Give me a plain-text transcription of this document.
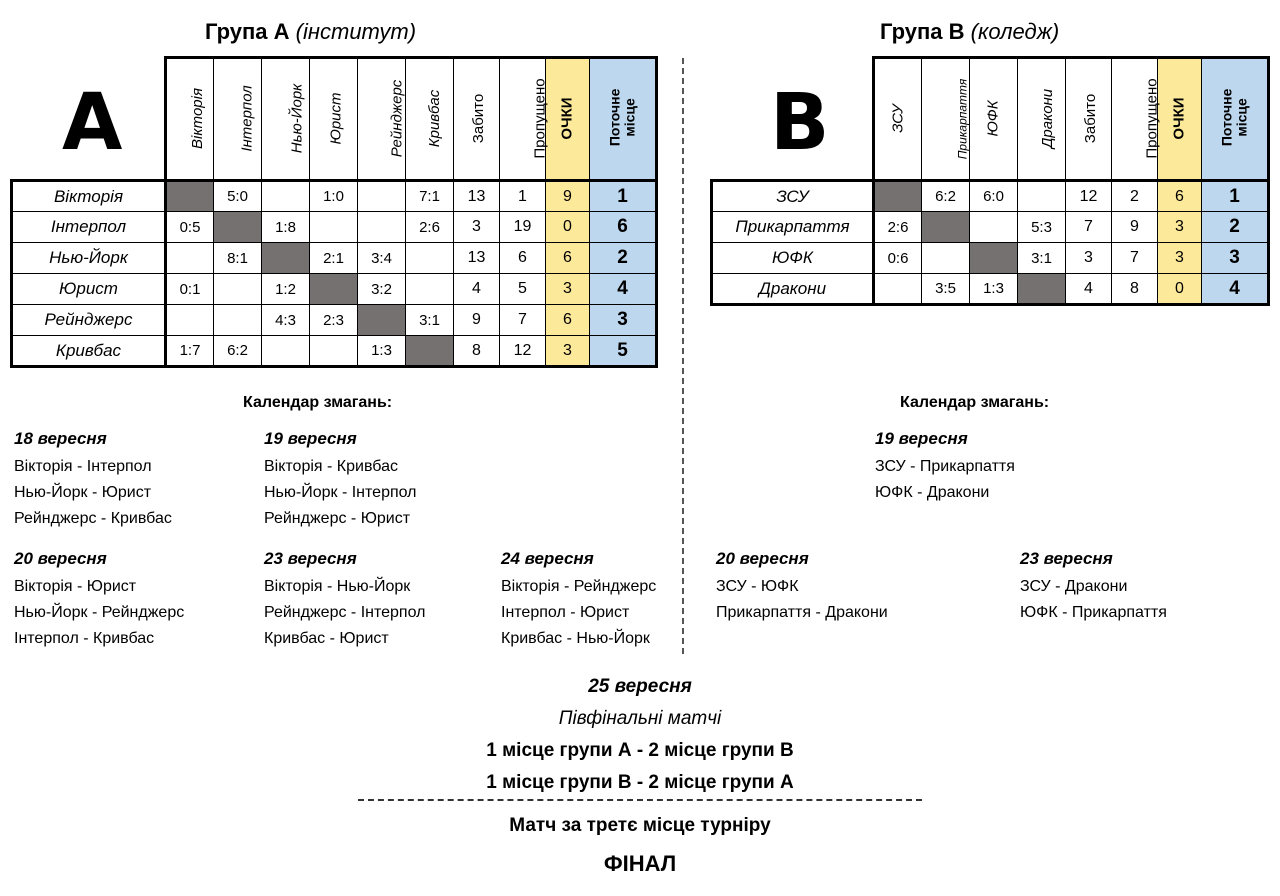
Група А (інститут)
A
		Вікторія	Інтерпол	Нью-Йорк	Юрист	Рейнджерс	Кривбас	Забито	Пропущено	ОЧКИ	Поточне місце

Вікторія		5:0		1:0		7:1	13	1	9	1
Інтерпол	0:5		1:8			2:6	3	19	0	6
Нью-Йорк		8:1		2:1	3:4		13	6	6	2
Юрист	0:1		1:2		3:2		4	5	3	4
Рейнджерс			4:3	2:3		3:1	9	7	6	3
Кривбас	1:7	6:2			1:3		8	12	3	5
Група В (коледж)
B
		ЗСУ	Прикарпаття	ЮФК	Дракони	Забито	Пропущено	ОЧКИ	Поточне місце

ЗСУ		6:2	6:0		12	2	6	1
Прикарпаття	2:6			5:3	7	9	3	2
ЮФК	0:6			3:1	3	7	3	3
Дракони		3:5	1:3		4	8	0	4
Календар змагань:
18 вересня
Вікторія - Інтерпол
Нью-Йорк - Юрист
Рейнджерс - Кривбас
19 вересня
Вікторія - Кривбас
Нью-Йорк - Інтерпол
Рейнджерс - Юрист
20 вересня
Вікторія - Юрист
Нью-Йорк - Рейнджерс
Інтерпол - Кривбас
23 вересня
Вікторія - Нью-Йорк
Рейнджерс - Інтерпол
Кривбас - Юрист
24 вересня
Вікторія - Рейнджерс
Інтерпол - Юрист
Кривбас - Нью-Йорк
Календар змагань:
19 вересня
ЗСУ - Прикарпаття
ЮФК - Дракони
20 вересня
ЗСУ - ЮФК
Прикарпаття - Дракони
23 вересня
ЗСУ - Дракони
ЮФК - Прикарпаття
25 вересня
Півфінальні матчі
1 місце групи А - 2 місце групи В
1 місце групи В - 2 місце групи А
Матч за третє місце турніру
ФІНАЛ
